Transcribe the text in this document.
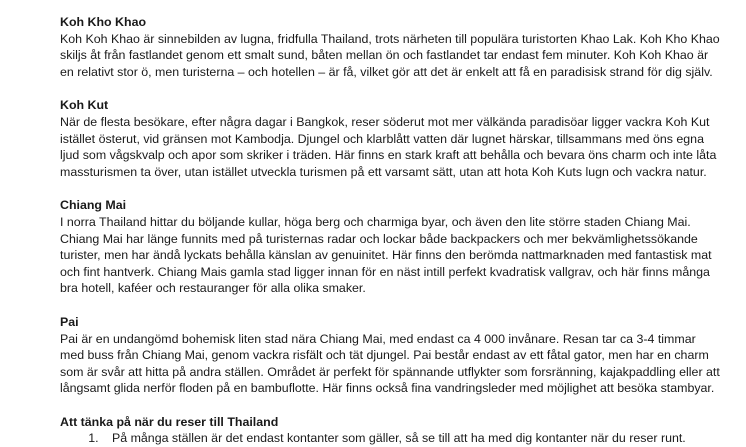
Koh Kho Khao

Koh Koh Khao är sinnebilden av lugna, fridfulla Thailand, trots närheten till populära turistorten Khao Lak. Koh Kho Khao skiljs åt från fastlandet genom ett smalt sund, båten mellan ön och fastlandet tar endast fem minuter. Koh Koh Khao är en relativt stor ö, men turisterna – och hotellen – är få, vilket gör att det är enkelt att få en paradisisk strand för dig själv.

Koh Kut

När de flesta besökare, efter några dagar i Bangkok, reser söderut mot mer välkända paradisöar ligger vackra Koh Kut istället österut, vid gränsen mot Kambodja. Djungel och klarblått vatten där lugnet härskar, tillsammans med öns egna ljud som vågskvalp och apor som skriker i träden. Här finns en stark kraft att behålla och bevara öns charm och inte låta massturismen ta över, utan istället utveckla turismen på ett varsamt sätt, utan att hota Koh Kuts lugn och vackra natur.

Chiang Mai

I norra Thailand hittar du böljande kullar, höga berg och charmiga byar, och även den lite större staden Chiang Mai. Chiang Mai har länge funnits med på turisternas radar och lockar både backpackers och mer bekvämlighetssökande turister, men har ändå lyckats behålla känslan av genuinitet. Här finns den berömda nattmarknaden med fantastisk mat och fint hantverk. Chiang Mais gamla stad ligger innan för en näst intill perfekt kvadratisk vallgrav, och här finns många bra hotell, kaféer och restauranger för alla olika smaker.

Pai

Pai är en undangömd bohemisk liten stad nära Chiang Mai, med endast ca 4 000 invånare. Resan tar ca 3-4 timmar med buss från Chiang Mai, genom vackra risfält och tät djungel. Pai består endast av ett fåtal gator, men har en charm som är svår att hitta på andra ställen. Området är perfekt för spännande utflykter som forsränning, kajakpaddling eller att långsamt glida nerför floden på en bambuflotte. Här finns också fina vandringsleder med möjlighet att besöka stambyar.

Att tänka på när du reser till Thailand
1. På många ställen är det endast kontanter som gäller, så se till att ha med dig kontanter när du reser runt.
